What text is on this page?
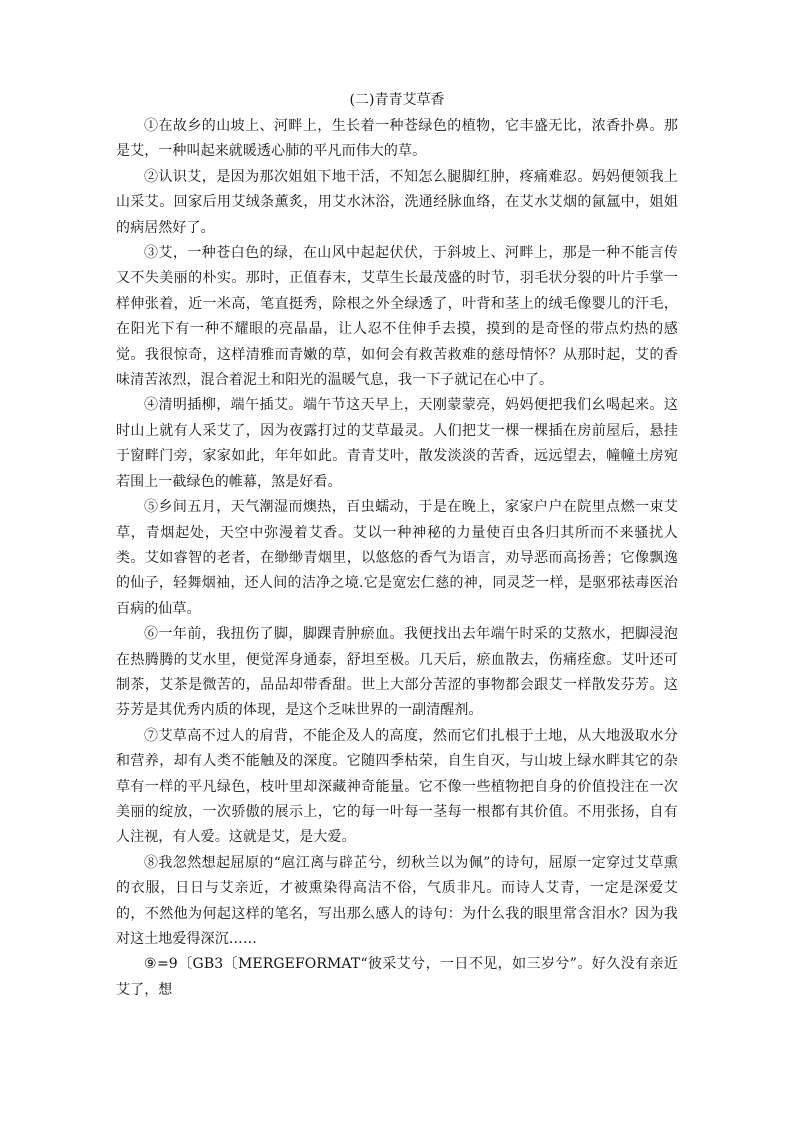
(二)青青艾草香

①在故乡的山坡上、河畔上，生长着一种苍绿色的植物，它丰盛无比，浓香扑鼻。那是艾，一种叫起来就暖透心肺的平凡而伟大的草。

②认识艾，是因为那次姐姐下地干活，不知怎么腿脚红肿，疼痛难忍。妈妈便领我上山采艾。回家后用艾绒条薰炙，用艾水沐浴，洗通经脉血络，在艾水艾烟的氤氲中，姐姐的病居然好了。

③艾，一种苍白色的绿，在山风中起起伏伏，于斜坡上、河畔上，那是一种不能言传又不失美丽的朴实。那时，正值春末，艾草生长最茂盛的时节，羽毛状分裂的叶片手掌一样伸张着，近一米高，笔直挺秀，除根之外全绿透了，叶背和茎上的绒毛像婴儿的汗毛，在阳光下有一种不耀眼的亮晶晶，让人忍不住伸手去摸，摸到的是奇怪的带点灼热的感觉。我很惊奇，这样清雅而青嫩的草，如何会有救苦救难的慈母情怀？从那时起，艾的香味清苦浓烈，混合着泥土和阳光的温暖气息，我一下子就记在心中了。

④清明插柳，端午插艾。端午节这天早上，天刚蒙蒙亮，妈妈便把我们幺喝起来。这时山上就有人采艾了，因为夜露打过的艾草最灵。人们把艾一棵一棵插在房前屋后，悬挂于窗畔门旁，家家如此，年年如此。青青艾叶，散发淡淡的苦香，远远望去，幢幢土房宛若围上一截绿色的帷幕，煞是好看。

⑤乡间五月，天气潮湿而燠热，百虫蠕动，于是在晚上，家家户户在院里点燃一束艾草，青烟起处，天空中弥漫着艾香。艾以一种神秘的力量使百虫各归其所而不来骚扰人类。艾如睿智的老者，在缈缈青烟里，以悠悠的香气为语言，劝导恶而高扬善；它像飘逸的仙子，轻舞烟袖，还人间的洁净之境.它是宽宏仁慈的神，同灵芝一样，是驱邪祛毒医治百病的仙草。

⑥一年前，我扭伤了脚，脚踝青肿瘀血。我便找出去年端午时采的艾熬水，把脚浸泡在热腾腾的艾水里，便觉浑身通泰，舒坦至极。几天后，瘀血散去，伤痛痊愈。艾叶还可制茶，艾茶是微苦的，品品却带香甜。世上大部分苦涩的事物都会跟艾一样散发芬芳。这芬芳是其优秀内质的体现，是这个乏味世界的一副清醒剂。

⑦艾草高不过人的肩背，不能企及人的高度，然而它们扎根于土地，从大地汲取水分和营养，却有人类不能触及的深度。它随四季枯荣，自生自灭，与山坡上绿水畔其它的杂草有一样的平凡绿色，枝叶里却深藏神奇能量。它不像一些植物把自身的价值投注在一次美丽的绽放，一次骄傲的展示上，它的每一叶每一茎每一根都有其价值。不用张扬，自有人注视，有人爱。这就是艾，是大爱。

⑧我忽然想起屈原的“扈江离与辟芷兮，纫秋兰以为佩”的诗句，屈原一定穿过艾草熏的衣服，日日与艾亲近，才被熏染得高洁不俗，气质非凡。而诗人艾青，一定是深爱艾的，不然他为何起这样的笔名，写出那么感人的诗句：为什么我的眼里常含泪水？因为我对这土地爱得深沉……

⑨=9〔GB3〔MERGEFORMAT“彼采艾兮，一日不见，如三岁兮”。好久没有亲近艾了，想
